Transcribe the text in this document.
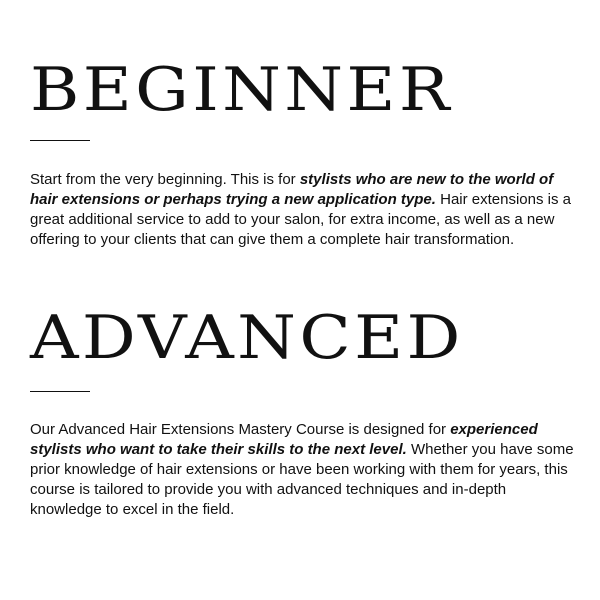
BEGINNER

Start from the very beginning. This is for stylists who are new to the world of hair extensions or perhaps trying a new application type. Hair extensions is a great additional service to add to your salon, for extra income, as well as a new offering to your clients that can give them a complete hair transformation.

ADVANCED

Our Advanced Hair Extensions Mastery Course is designed for experienced stylists who want to take their skills to the next level. Whether you have some prior knowledge of hair extensions or have been working with them for years, this course is tailored to provide you with advanced techniques and in-depth knowledge to excel in the field.
